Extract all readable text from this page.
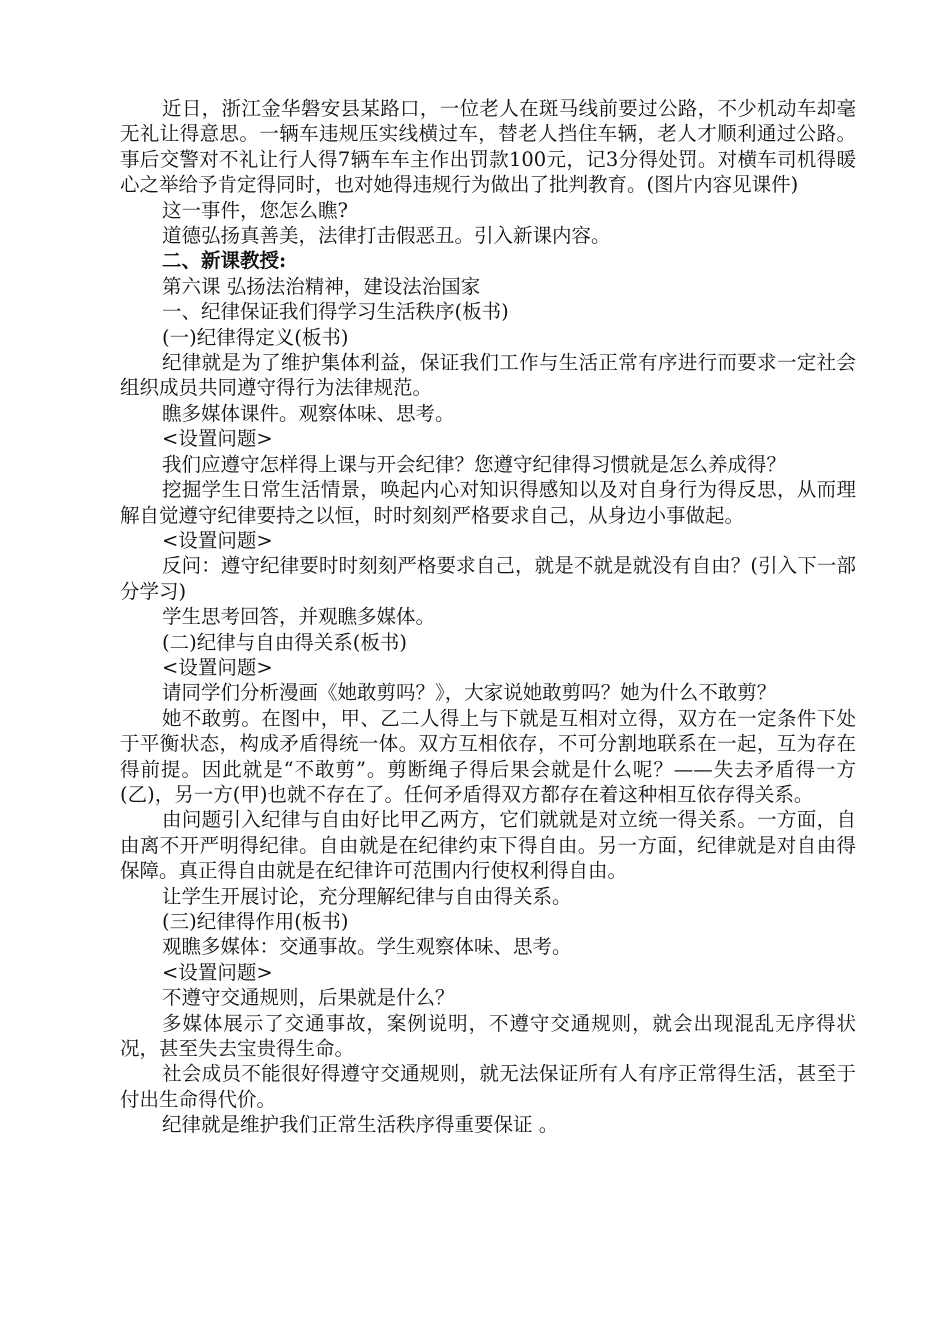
近日，浙江金华磐安县某路口，一位老人在斑马线前要过公路，不少机动车却毫无礼让得意思。一辆车违规压实线横过车，替老人挡住车辆，老人才顺利通过公路。事后交警对不礼让行人得7辆车车主作出罚款100元，记3分得处罚。对横车司机得暖心之举给予肯定得同时，也对她得违规行为做出了批判教育。(图片内容见课件)

这一事件，您怎么瞧?

道德弘扬真善美，法律打击假恶丑。引入新课内容。

二、新课教授:

第六课 弘扬法治精神，建设法治国家

一、纪律保证我们得学习生活秩序(板书)

(一)纪律得定义(板书)

纪律就是为了维护集体利益，保证我们工作与生活正常有序进行而要求一定社会组织成员共同遵守得行为法律规范。

瞧多媒体课件。观察体味、思考。

<设置问题>

我们应遵守怎样得上课与开会纪律？您遵守纪律得习惯就是怎么养成得？

挖掘学生日常生活情景，唤起内心对知识得感知以及对自身行为得反思，从而理解自觉遵守纪律要持之以恒，时时刻刻严格要求自己，从身边小事做起。

<设置问题>

反问：遵守纪律要时时刻刻严格要求自己，就是不就是就没有自由？(引入下一部分学习)

学生思考回答，并观瞧多媒体。

(二)纪律与自由得关系(板书)

<设置问题>

请同学们分析漫画《她敢剪吗？》，大家说她敢剪吗？她为什么不敢剪？

她不敢剪。在图中，甲、乙二人得上与下就是互相对立得，双方在一定条件下处于平衡状态，构成矛盾得统一体。双方互相依存，不可分割地联系在一起，互为存在得前提。因此就是“不敢剪”。剪断绳子得后果会就是什么呢？——失去矛盾得一方(乙)，另一方(甲)也就不存在了。任何矛盾得双方都存在着这种相互依存得关系。

由问题引入纪律与自由好比甲乙两方，它们就就是对立统一得关系。一方面，自由离不开严明得纪律。自由就是在纪律约束下得自由。另一方面，纪律就是对自由得保障。真正得自由就是在纪律许可范围内行使权利得自由。

让学生开展讨论，充分理解纪律与自由得关系。

(三)纪律得作用(板书)

观瞧多媒体：交通事故。学生观察体味、思考。

<设置问题>

不遵守交通规则，后果就是什么？

多媒体展示了交通事故，案例说明，不遵守交通规则，就会出现混乱无序得状况，甚至失去宝贵得生命。

社会成员不能很好得遵守交通规则，就无法保证所有人有序正常得生活，甚至于付出生命得代价。

纪律就是维护我们正常生活秩序得重要保证 。
